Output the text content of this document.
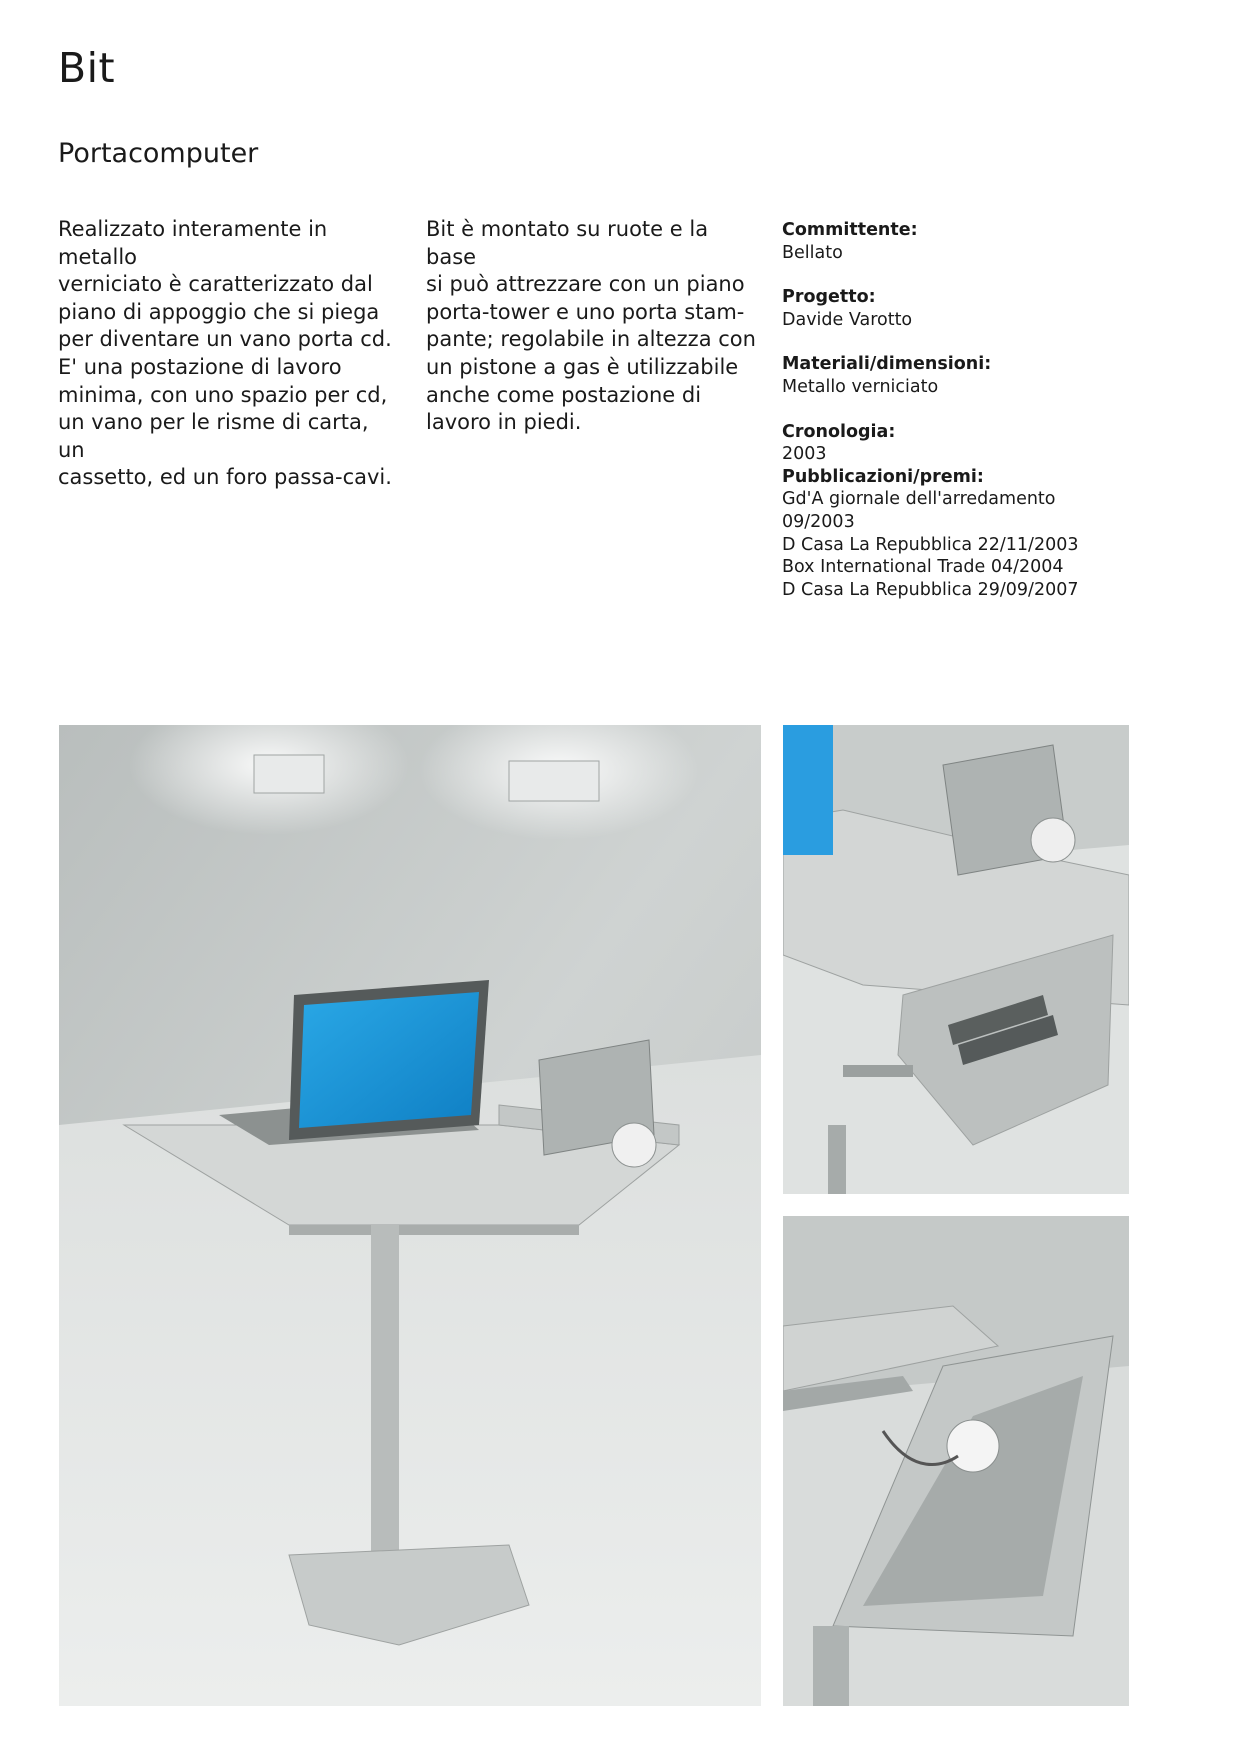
Bit
Portacomputer

Realizzato interamente in metallo

verniciato è caratterizzato dal

piano di appoggio che si piega

per diventare un vano porta cd.

E' una postazione di lavoro

minima, con uno spazio per cd,

un vano per le risme di carta, un

cassetto, ed un foro passa-cavi.

Bit è montato su ruote e la base

si può attrezzare con un piano

porta-tower e uno porta stam-

pante; regolabile in altezza con

un pistone a gas è utilizzabile

anche come postazione di

lavoro in piedi.

Committente:
Bellato
Progetto:
Davide Varotto
Materiali/dimensioni:
Metallo verniciato
Cronologia:
2003
Pubblicazioni/premi:
Gd'A giornale dell'arredamento
09/2003
D Casa La Repubblica 22/11/2003
Box International Trade 04/2004
D Casa La Repubblica 29/09/2007
